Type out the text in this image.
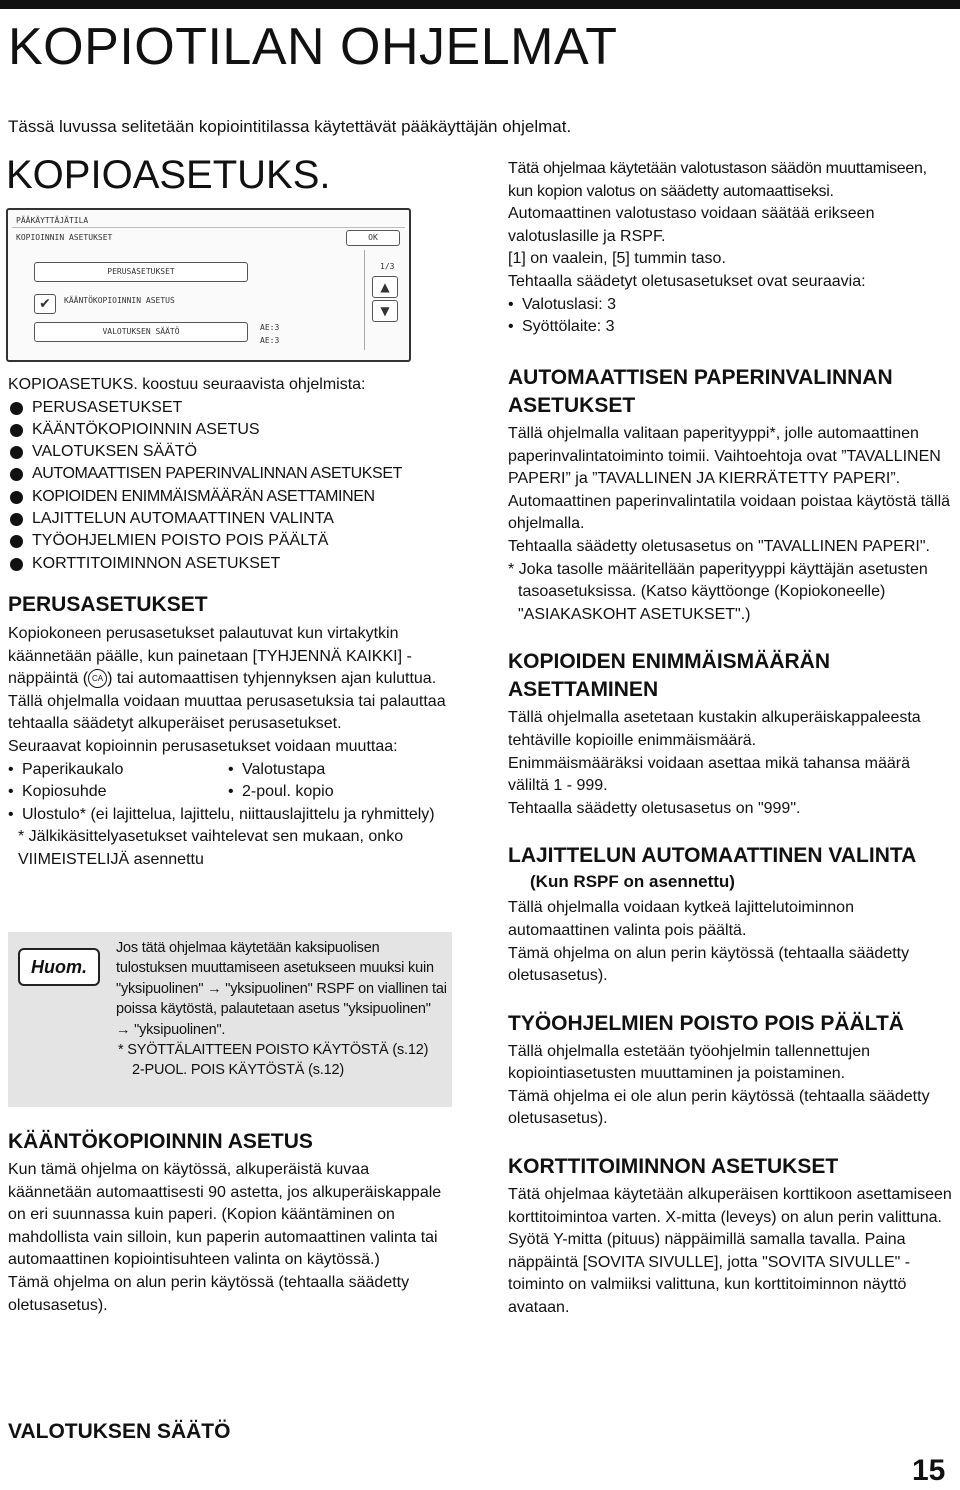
KOPIOTILAN OHJELMAT
Tässä luvussa selitetään kopiointitilassa käytettävät pääkäyttäjän ohjelmat.
KOPIOASETUKS.
PÄÄKÄYTTÄJÄTILA
KOPIOINNIN ASETUKSET	OK
PERUSASETUKSET
✔	KÄÄNTÖKOPIOINNIN ASETUS
VALOTUKSEN SÄÄTÖ	AE:3
AE:3
1/3
▲
▼

Tätä ohjelmaa käytetään valotustason säädön muuttamiseen, kun kopion valotus on säädetty automaattiseksi.

Automaattinen valotustaso voidaan säätää erikseen valotuslasille ja RSPF.

[1] on vaalein, [5] tummin taso.

Tehtaalla säädetyt oletusasetukset ovat seuraavia:

• Valotuslasi: 3
• Syöttölaite: 3

KOPIOASETUKS. koostuu seuraavista ohjelmista:

PERUSASETUKSET
KÄÄNTÖKOPIOINNIN ASETUS
VALOTUKSEN SÄÄTÖ
AUTOMAATTISEN PAPERINVALINNAN ASETUKSET
KOPIOIDEN ENIMMÄISMÄÄRÄN ASETTAMINEN
LAJITTELUN AUTOMAATTINEN VALINTA
TYÖOHJELMIEN POISTO POIS PÄÄLTÄ
KORTTITOIMINNON ASETUKSET
PERUSASETUKSET

Kopiokoneen perusasetukset palautuvat kun virtakytkin käännetään päälle, kun painetaan [TYHJENNÄ KAIKKI] -näppäintä ( CA ) tai automaattisen tyhjennyksen ajan kuluttua. Tällä ohjelmalla voidaan muuttaa perusasetuksia tai palauttaa tehtaalla säädetyt alkuperäiset perusasetukset.

Seuraavat kopioinnin perusasetukset voidaan muuttaa:

• Paperikaukalo	• Valotustapa
• Kopiosuhde	• 2-poul. kopio
• Ulostulo* (ei lajittelua, lajittelu, niittauslajittelu ja ryhmittely)

* Jälkikäsittelyasetukset vaihtelevat sen mukaan, onko VIIMEISTELIJÄ asennettu

Huom.

Jos tätä ohjelmaa käytetään kaksipuolisen tulostuksen muuttamiseen asetukseen muuksi kuin "yksipuolinen" → "yksipuolinen" RSPF on viallinen tai poissa käytöstä, palautetaan asetus "yksipuolinen" → "yksipuolinen".

* SYÖTTÄLAITTEEN POISTO KÄYTÖSTÄ (s.12)

2-PUOL. POIS KÄYTÖSTÄ (s.12)

KÄÄNTÖKOPIOINNIN ASETUS

Kun tämä ohjelma on käytössä, alkuperäistä kuvaa käännetään automaattisesti 90 astetta, jos alkuperäiskappale on eri suunnassa kuin paperi. (Kopion kääntäminen on mahdollista vain silloin, kun paperin automaattinen valinta tai automaattinen kopiointisuhteen valinta on käytössä.)

Tämä ohjelma on alun perin käytössä (tehtaalla säädetty oletusasetus).

VALOTUKSEN SÄÄTÖ
AUTOMAATTISEN PAPERINVALINNAN ASETUKSET

Tällä ohjelmalla valitaan paperityyppi*, jolle automaattinen paperinvalintatoiminto toimii. Vaihtoehtoja ovat ”TAVALLINEN PAPERI” ja ”TAVALLINEN JA KIERRÄTETTY PAPERI”.

Automaattinen paperinvalintatila voidaan poistaa käytöstä tällä ohjelmalla.

Tehtaalla säädetty oletusasetus on "TAVALLINEN PAPERI".

* Joka tasolle määritellään paperityyppi käyttäjän asetusten tasoasetuksissa. (Katso käyttöonge (Kopiokoneelle) "ASIAKASKOHT ASETUKSET".)

KOPIOIDEN ENIMMÄISMÄÄRÄN ASETTAMINEN

Tällä ohjelmalla asetetaan kustakin alkuperäiskappaleesta tehtäville kopioille enimmäismäärä.

Enimmäismääräksi voidaan asettaa mikä tahansa määrä väliltä 1 - 999.

Tehtaalla säädetty oletusasetus on "999".

LAJITTELUN AUTOMAATTINEN VALINTA
(Kun RSPF on asennettu)

Tällä ohjelmalla voidaan kytkeä lajittelutoiminnon automaattinen valinta pois päältä.

Tämä ohjelma on alun perin käytössä (tehtaalla säädetty oletusasetus).

TYÖOHJELMIEN POISTO POIS PÄÄLTÄ

Tällä ohjelmalla estetään työohjelmin tallennettujen kopiointiasetusten muuttaminen ja poistaminen.

Tämä ohjelma ei ole alun perin käytössä (tehtaalla säädetty oletusasetus).

KORTTITOIMINNON ASETUKSET

Tätä ohjelmaa käytetään alkuperäisen korttikoon asettamiseen korttitoimintoa varten. X-mitta (leveys) on alun perin valittuna. Syötä Y-mitta (pituus) näppäimillä samalla tavalla. Paina näppäintä [SOVITA SIVULLE], jotta "SOVITA SIVULLE" -toiminto on valmiiksi valittuna, kun korttitoiminnon näyttö avataan.

15
